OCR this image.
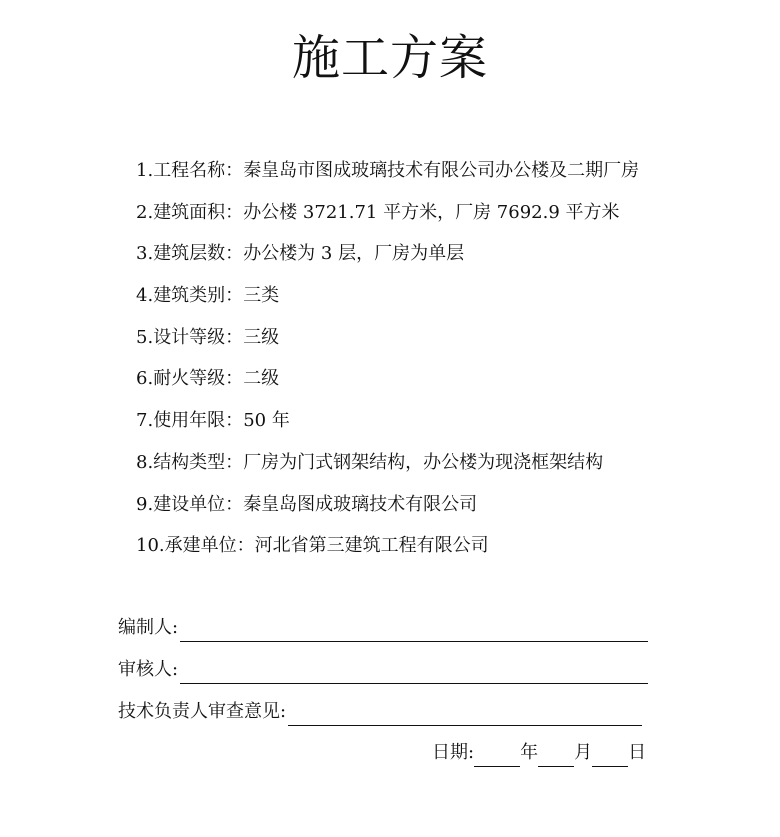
施工方案
1.工程名称：秦皇岛市图成玻璃技术有限公司办公楼及二期厂房
2.建筑面积：办公楼 3721.71 平方米，厂房 7692.9 平方米
3.建筑层数：办公楼为 3 层，厂房为单层
4.建筑类别：三类
5.设计等级：三级
6.耐火等级：二级
7.使用年限：50 年
8.结构类型：厂房为门式钢架结构，办公楼为现浇框架结构
9.建设单位：秦皇岛图成玻璃技术有限公司
10.承建单位：河北省第三建筑工程有限公司
编制人:
审核人:
技术负责人审查意见:
日期:	年 月 日
